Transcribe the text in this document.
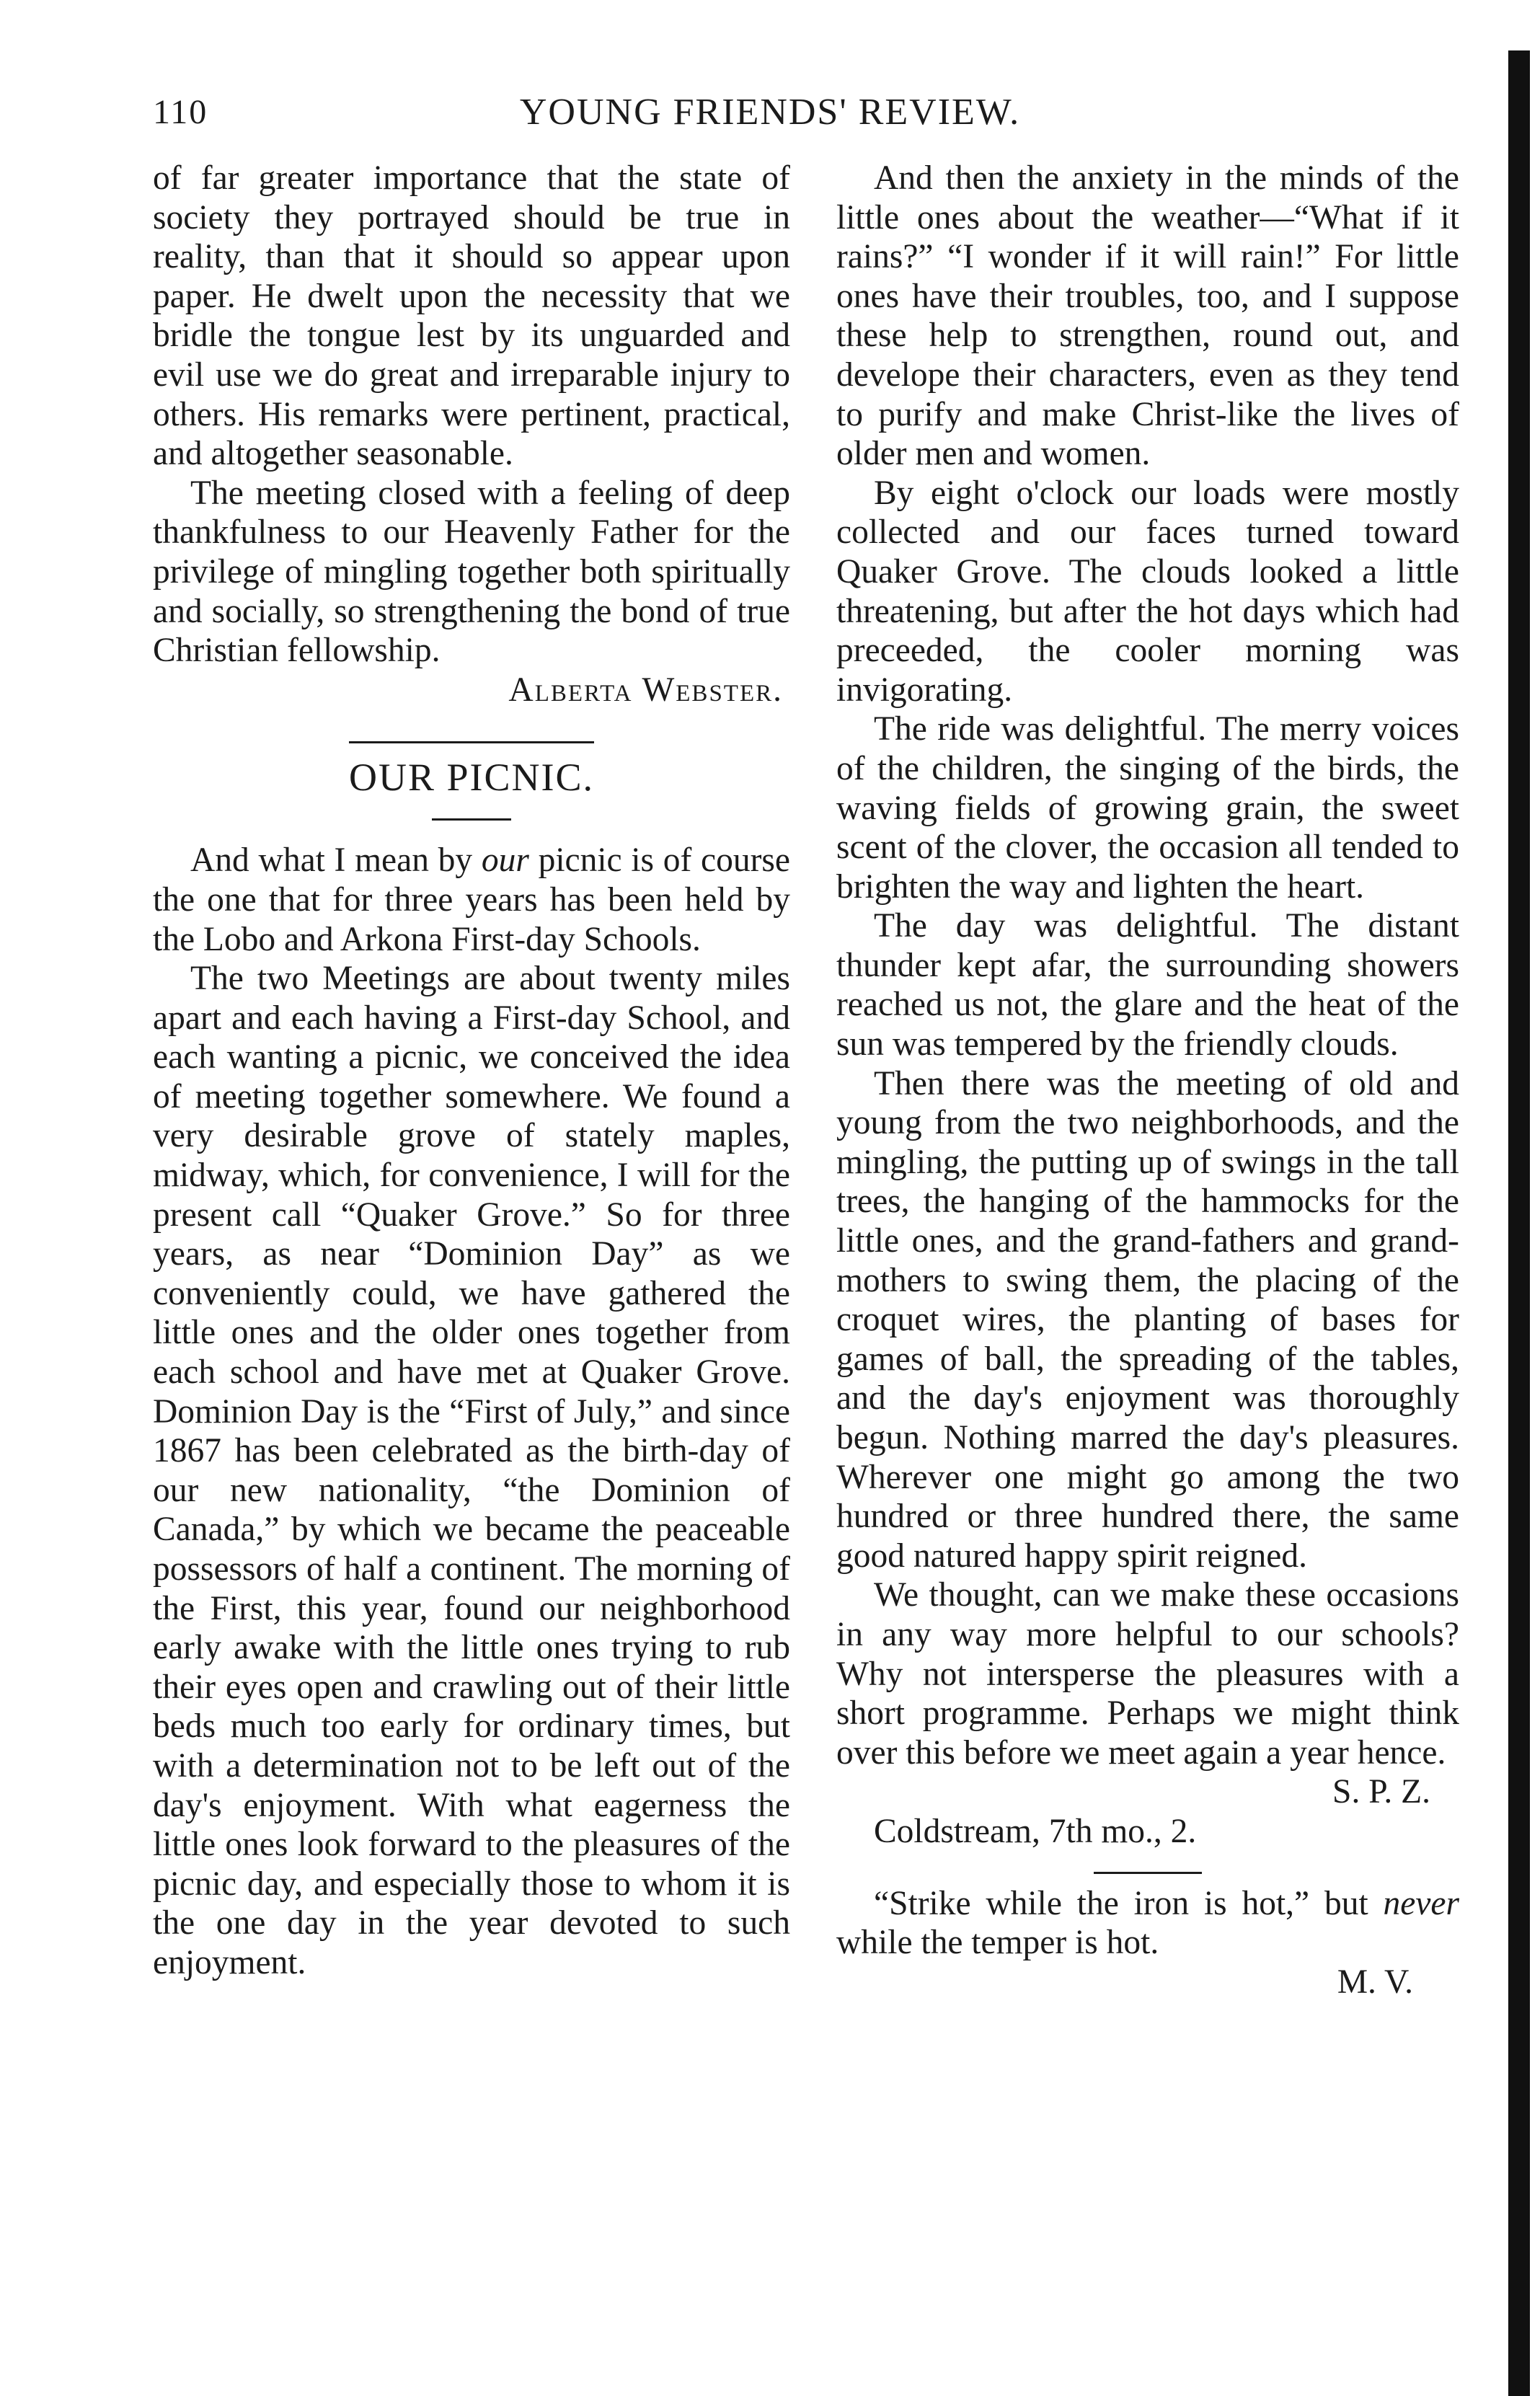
110	YOUNG FRIENDS' REVIEW.

of far greater importance that the state of society they portrayed should be true in reality, than that it should so appear upon paper. He dwelt upon the necessity that we bridle the tongue lest by its unguarded and evil use we do great and irreparable injury to others. His remarks were pertinent, practical, and altogether seasonable.

The meeting closed with a feeling of deep thankfulness to our Heavenly Father for the privilege of mingling together both spiritually and socially, so strengthening the bond of true Christian fellowship.

Alberta Webster.

OUR PICNIC.

And what I mean by our picnic is of course the one that for three years has been held by the Lobo and Arkona First-day Schools.

The two Meetings are about twenty miles apart and each having a First-day School, and each wanting a picnic, we conceived the idea of meeting together somewhere. We found a very desirable grove of stately maples, midway, which, for convenience, I will for the present call “Quaker Grove.” So for three years, as near “Dominion Day” as we conveniently could, we have gathered the little ones and the older ones together from each school and have met at Quaker Grove. Dominion Day is the “First of July,” and since 1867 has been celebrated as the birth-day of our new nationality, “the Dominion of Canada,” by which we became the peaceable possessors of half a continent. The morning of the First, this year, found our neighborhood early awake with the little ones trying to rub their eyes open and crawling out of their little beds much too early for ordinary times, but with a determination not to be left out of the day's enjoyment. With what eagerness the little ones look forward to the pleasures of the picnic day, and especially those to whom it is the one day in the year devoted to such enjoyment.

And then the anxiety in the minds of the little ones about the weather—“What if it rains?” “I wonder if it will rain!” For little ones have their troubles, too, and I suppose these help to strengthen, round out, and develope their characters, even as they tend to purify and make Christ-like the lives of older men and women.

By eight o'clock our loads were mostly collected and our faces turned toward Quaker Grove. The clouds looked a little threatening, but after the hot days which had preceeded, the cooler morning was invigorating.

The ride was delightful. The merry voices of the children, the singing of the birds, the waving fields of growing grain, the sweet scent of the clover, the occasion all tended to brighten the way and lighten the heart.

The day was delightful. The distant thunder kept afar, the surrounding showers reached us not, the glare and the heat of the sun was tempered by the friendly clouds.

Then there was the meeting of old and young from the two neighborhoods, and the mingling, the putting up of swings in the tall trees, the hanging of the hammocks for the little ones, and the grand-fathers and grand-mothers to swing them, the placing of the croquet wires, the planting of bases for games of ball, the spreading of the tables, and the day's enjoyment was thoroughly begun. Nothing marred the day's pleasures. Wherever one might go among the two hundred or three hundred there, the same good natured happy spirit reigned.

We thought, can we make these occasions in any way more helpful to our schools? Why not intersperse the pleasures with a short programme. Perhaps we might think over this before we meet again a year hence.

S. P. Z.

Coldstream, 7th mo., 2.

“Strike while the iron is hot,” but never while the temper is hot.

M. V.
